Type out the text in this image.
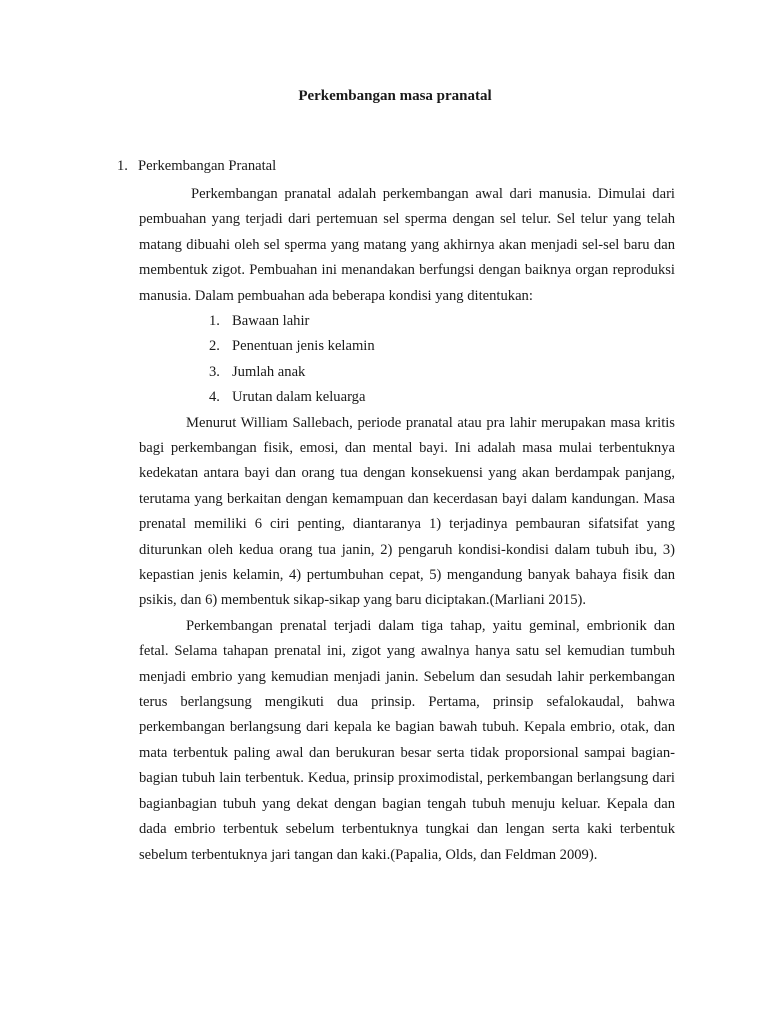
Perkembangan masa pranatal

1. Perkembangan Pranatal

Perkembangan pranatal adalah perkembangan awal dari manusia. Dimulai dari pembuahan yang terjadi dari pertemuan sel sperma dengan sel telur. Sel telur yang telah matang dibuahi oleh sel sperma yang matang yang akhirnya akan menjadi sel-sel baru dan membentuk zigot. Pembuahan ini menandakan berfungsi dengan baiknya organ reproduksi manusia. Dalam pembuahan ada beberapa kondisi yang ditentukan:

1. Bawaan lahir
2. Penentuan jenis kelamin
3. Jumlah anak
4. Urutan dalam keluarga

Menurut William Sallebach, periode pranatal atau pra lahir merupakan masa kritis bagi perkembangan fisik, emosi, dan mental bayi. Ini adalah masa mulai terbentuknya kedekatan antara bayi dan orang tua dengan konsekuensi yang akan berdampak panjang, terutama yang berkaitan dengan kemampuan dan kecerdasan bayi dalam kandungan. Masa prenatal memiliki 6 ciri penting, diantaranya 1) terjadinya pembauran sifatsifat yang diturunkan oleh kedua orang tua janin, 2) pengaruh kondisi-kondisi dalam tubuh ibu, 3) kepastian jenis kelamin, 4) pertumbuhan cepat, 5) mengandung banyak bahaya fisik dan psikis, dan 6) membentuk sikap-sikap yang baru diciptakan.(Marliani 2015).

Perkembangan prenatal terjadi dalam tiga tahap, yaitu geminal, embrionik dan fetal. Selama tahapan prenatal ini, zigot yang awalnya hanya satu sel kemudian tumbuh menjadi embrio yang kemudian menjadi janin. Sebelum dan sesudah lahir perkembangan terus berlangsung mengikuti dua prinsip. Pertama, prinsip sefalokaudal, bahwa perkembangan berlangsung dari kepala ke bagian bawah tubuh. Kepala embrio, otak, dan mata terbentuk paling awal dan berukuran besar serta tidak proporsional sampai bagian-bagian tubuh lain terbentuk. Kedua, prinsip proximodistal, perkembangan berlangsung dari bagianbagian tubuh yang dekat dengan bagian tengah tubuh menuju keluar. Kepala dan dada embrio terbentuk sebelum terbentuknya tungkai dan lengan serta kaki terbentuk sebelum terbentuknya jari tangan dan kaki.(Papalia, Olds, dan Feldman 2009).
